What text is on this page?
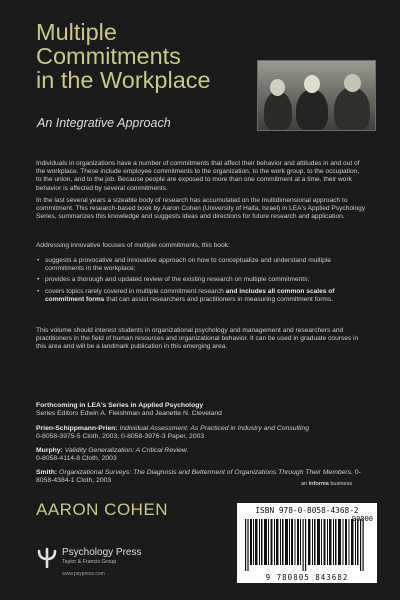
Multiple
Commitments
in the Workplace
An Integrative Approach

Individuals in organizations have a number of commitments that affect their behavior and attitudes in and out of the workplace. These include employee commitments to the organization, to the work group, to the occupation, to the union, and to the job. Because people are exposed to more than one commitment at a time, their work behavior is affected by several commitments.

In the last several years a sizeable body of research has accumulated on the multidimensional approach to commitment. This research-based book by Aaron Cohen (University of Haifa, Israel) in LEA's Applied Psychology Series, summarizes this knowledge and suggests ideas and directions for future research and application.

Addressing innovative focuses of multiple commitments, this book:

• suggests a provocative and innovative approach on how to conceptualize and understand multiple commitments in the workplace;
• provides a thorough and updated review of the existing research on multiple commitments;
• covers topics rarely covered in multiple commitment research and includes all common scales of commitment forms that can assist researchers and practitioners in measuring commitment forms.

This volume should interest students in organizational psychology and management and researchers and practitioners in the field of human resources and organizational behavior. It can be used in graduate courses in this area and will be a landmark publication in this emerging area.

Forthcoming in LEA's Series in Applied Psychology
Series Editors Edwin A. Fleishman and Jeanette N. Cleveland
Prien-Schippmann-Prien: Individual Assessment: As Practiced in Industry and Consulting
0-8058-3975-5 Cloth, 2003, 0-8058-3976-3 Paper, 2003
Murphy: Validity Generalization: A Critical Review.
0-8058-4114-8 Cloth, 2003
Smith: Organizational Surveys: The Diagnosis and Betterment of Organizations Through Their Members. 0-8058-4384-1 Cloth, 2003	an informa business
AARON COHEN	ISBN 978-0-8058-4368-2
90000
9 780805 843682
Psychology Press
Taylor & Francis Group
www.psypress.com
